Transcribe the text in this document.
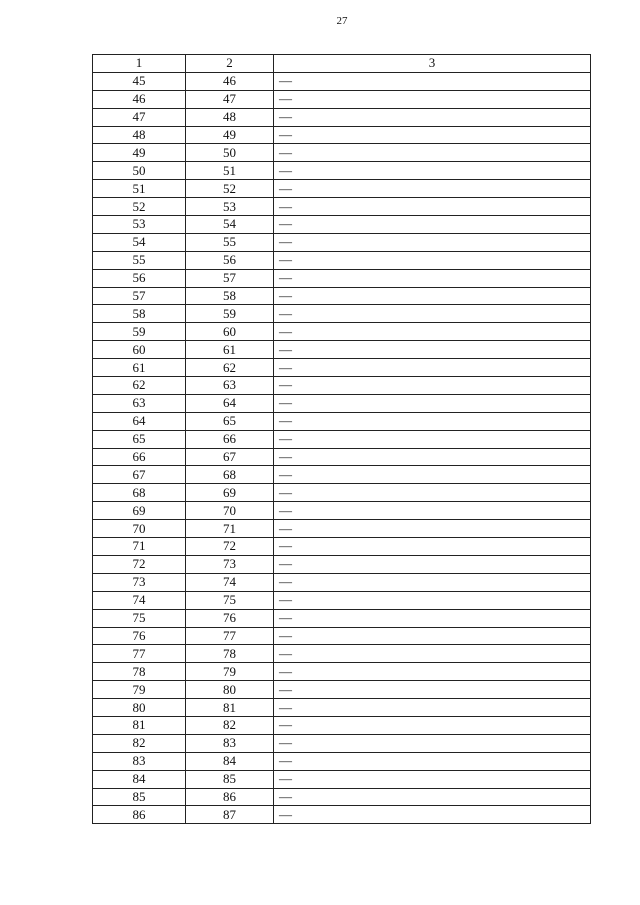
27
1	2	3
45	46	—
46	47	—
47	48	—
48	49	—
49	50	—
50	51	—
51	52	—
52	53	—
53	54	—
54	55	—
55	56	—
56	57	—
57	58	—
58	59	—
59	60	—
60	61	—
61	62	—
62	63	—
63	64	—
64	65	—
65	66	—
66	67	—
67	68	—
68	69	—
69	70	—
70	71	—
71	72	—
72	73	—
73	74	—
74	75	—
75	76	—
76	77	—
77	78	—
78	79	—
79	80	—
80	81	—
81	82	—
82	83	—
83	84	—
84	85	—
85	86	—
86	87	—
